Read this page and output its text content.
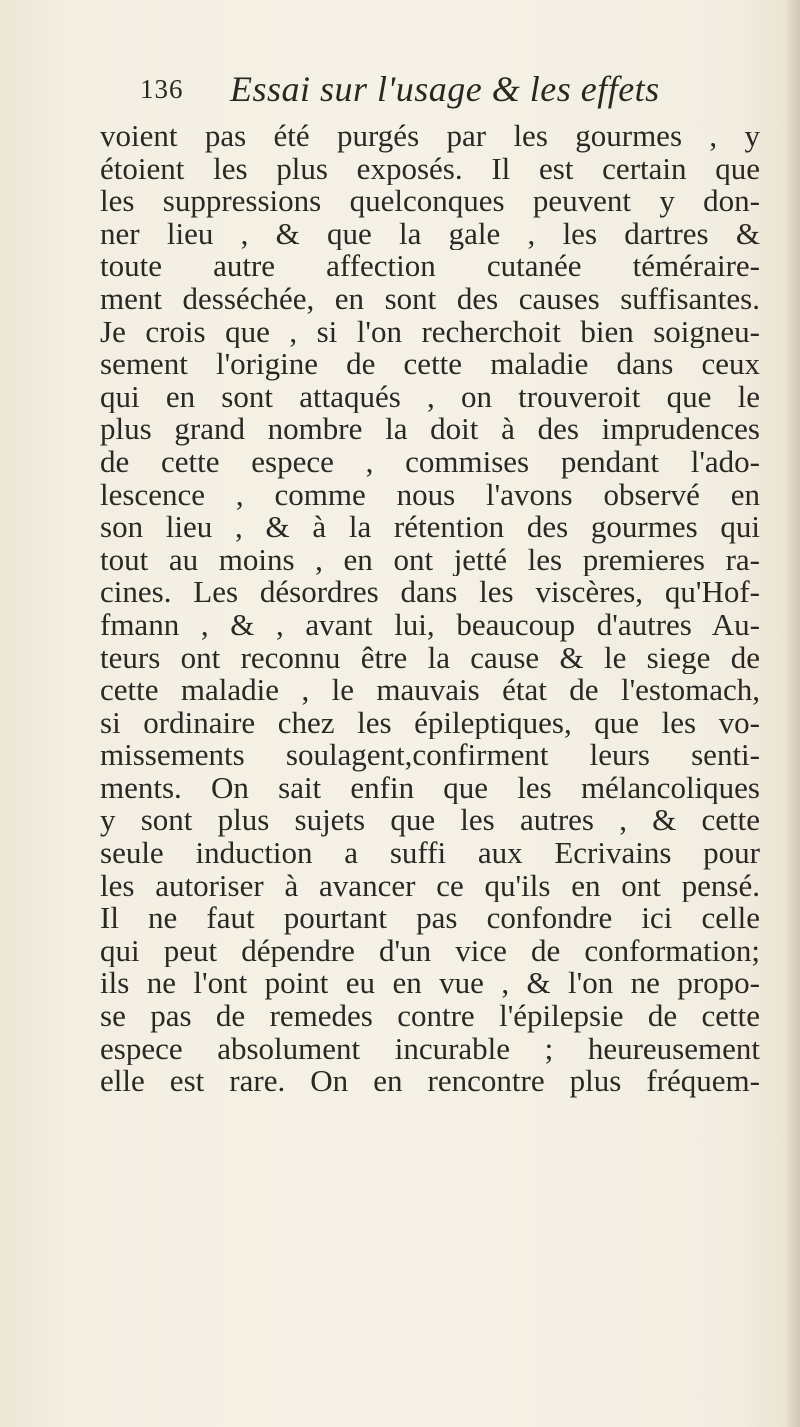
136 Essai sur l'usage & les effets
voient pas été purgés par les gourmes , y
étoient les plus exposés. Il est certain que
les suppressions quelconques peuvent y don-
ner lieu , & que la gale , les dartres &
toute autre affection cutanée téméraire-
ment desséchée, en sont des causes suffisantes.
Je crois que , si l'on recherchoit bien soigneu-
sement l'origine de cette maladie dans ceux
qui en sont attaqués , on trouveroit que le
plus grand nombre la doit à des imprudences
de cette espece , commises pendant l'ado-
lescence , comme nous l'avons observé en
son lieu , & à la rétention des gourmes qui
tout au moins , en ont jetté les premieres ra-
cines. Les désordres dans les viscères, qu'Hof-
fmann , & , avant lui, beaucoup d'autres Au-
teurs ont reconnu être la cause & le siege de
cette maladie , le mauvais état de l'estomach,
si ordinaire chez les épileptiques, que les vo-
missements soulagent,confirment leurs senti-
ments. On sait enfin que les mélancoliques
y sont plus sujets que les autres , & cette
seule induction a suffi aux Ecrivains pour
les autoriser à avancer ce qu'ils en ont pensé.
Il ne faut pourtant pas confondre ici celle
qui peut dépendre d'un vice de conformation;
ils ne l'ont point eu en vue , & l'on ne propo-
se pas de remedes contre l'épilepsie de cette
espece absolument incurable ; heureusement
elle est rare. On en rencontre plus fréquem-
